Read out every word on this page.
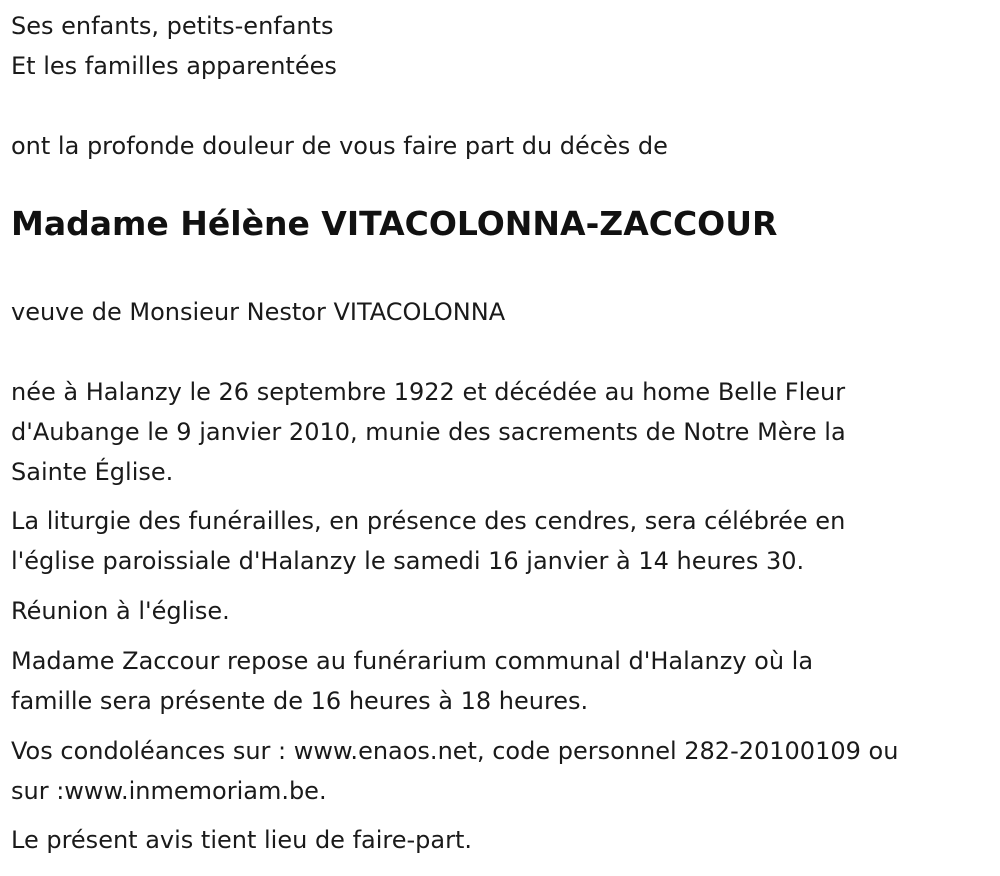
Ses enfants, petits-enfants
Et les familles apparentées
ont la profonde douleur de vous faire part du décès de
Madame Hélène VITACOLONNA-ZACCOUR
veuve de Monsieur Nestor VITACOLONNA
née à Halanzy le 26 septembre 1922 et décédée au home Belle Fleur
d'Aubange le 9 janvier 2010, munie des sacrements de Notre Mère la
Sainte Église.
La liturgie des funérailles, en présence des cendres, sera célébrée en
l'église paroissiale d'Halanzy le samedi 16 janvier à 14 heures 30.
Réunion à l'église.
Madame Zaccour repose au funérarium communal d'Halanzy où la
famille sera présente de 16 heures à 18 heures.
Vos condoléances sur : www.enaos.net, code personnel 282-20100109 ou
sur :www.inmemoriam.be.
Le présent avis tient lieu de faire-part.
